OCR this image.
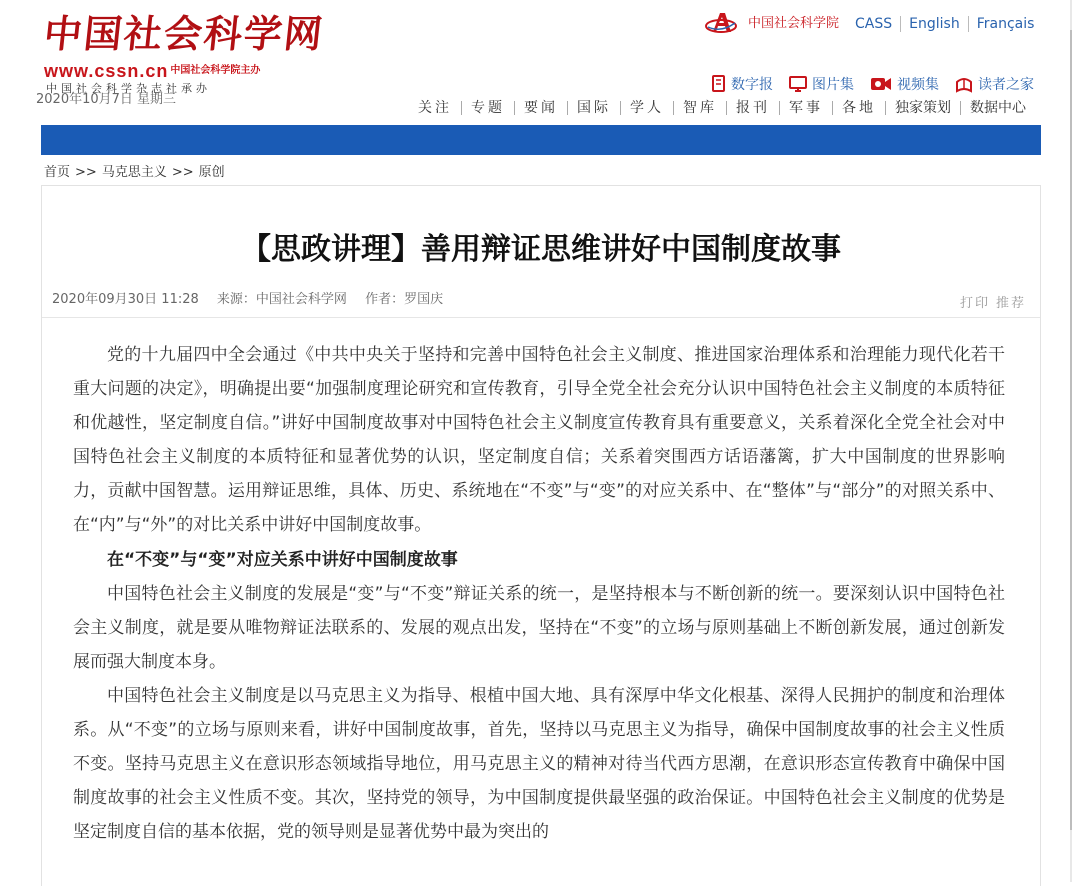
中国社会科学网
www.cssn.cn 中国社会科学院主办
中国社会科学杂志社承办
2020年10月7日 星期三
中国社会科学院 CASS English Français
数字报	图片集	视频集	读者之家
关注 专题 要闻 国际 学人 智库 报刊 军事 各地 独家策划 数据中心
首页 >> 马克思主义 >> 原创
【思政讲理】善用辩证思维讲好中国制度故事
2020年09月30日 11:28 来源：中国社会科学网 作者：罗国庆	打印 推荐

党的十九届四中全会通过《中共中央关于坚持和完善中国特色社会主义制度、推进国家治理体系和治理能力现代化若干重大问题的决定》，明确提出要“加强制度理论研究和宣传教育，引导全党全社会充分认识中国特色社会主义制度的本质特征和优越性，坚定制度自信。”讲好中国制度故事对中国特色社会主义制度宣传教育具有重要意义，关系着深化全党全社会对中国特色社会主义制度的本质特征和显著优势的认识，坚定制度自信；关系着突围西方话语藩篱，扩大中国制度的世界影响力，贡献中国智慧。运用辩证思维，具体、历史、系统地在“不变”与“变”的对应关系中、在“整体”与“部分”的对照关系中、在“内”与“外”的对比关系中讲好中国制度故事。

在“不变”与“变”对应关系中讲好中国制度故事

中国特色社会主义制度的发展是“变”与“不变”辩证关系的统一，是坚持根本与不断创新的统一。要深刻认识中国特色社会主义制度，就是要从唯物辩证法联系的、发展的观点出发，坚持在“不变”的立场与原则基础上不断创新发展，通过创新发展而强大制度本身。

中国特色社会主义制度是以马克思主义为指导、根植中国大地、具有深厚中华文化根基、深得人民拥护的制度和治理体系。从“不变”的立场与原则来看，讲好中国制度故事，首先，坚持以马克思主义为指导，确保中国制度故事的社会主义性质不变。坚持马克思主义在意识形态领域指导地位，用马克思主义的精神对待当代西方思潮，在意识形态宣传教育中确保中国制度故事的社会主义性质不变。其次，坚持党的领导，为中国制度提供最坚强的政治保证。中国特色社会主义制度的优势是坚定制度自信的基本依据，党的领导则是显著优势中最为突出的
